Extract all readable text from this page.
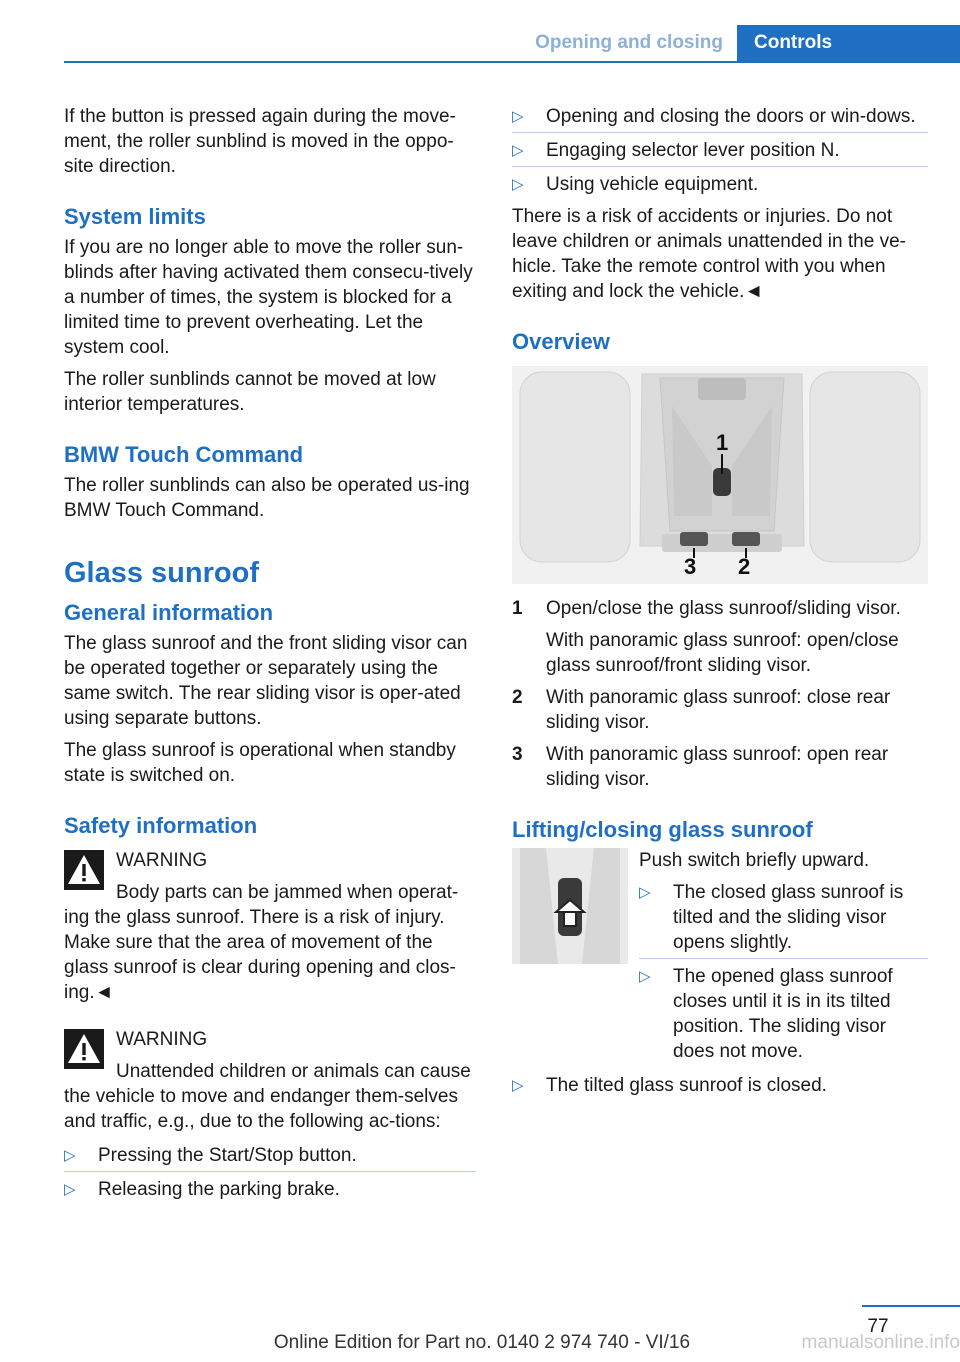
Opening and closing	Controls

If the button is pressed again during the move-ment, the roller sunblind is moved in the oppo-site direction.

System limits

If you are no longer able to move the roller sun-blinds after having activated them consecu-tively a number of times, the system is blocked for a limited time to prevent overheating. Let the system cool.

The roller sunblinds cannot be moved at low interior temperatures.

BMW Touch Command

The roller sunblinds can also be operated us-ing BMW Touch Command.

Glass sunroof
General information

The glass sunroof and the front sliding visor can be operated together or separately using the same switch. The rear sliding visor is oper-ated using separate buttons.

The glass sunroof is operational when standby state is switched on.

Safety information
WARNING
Body parts can be jammed when operat-ing the glass sunroof. There is a risk of injury. Make sure that the area of movement of the glass sunroof is clear during opening and clos-ing.◄
WARNING
Unattended children or animals can cause the vehicle to move and endanger them-selves and traffic, e.g., due to the following ac-tions:
▷ Pressing the Start/Stop button.
▷ Releasing the parking brake.
▷ Opening and closing the doors or win-dows.
▷ Engaging selector lever position N.
▷ Using vehicle equipment.

There is a risk of accidents or injuries. Do not leave children or animals unattended in the ve-hicle. Take the remote control with you when exiting and lock the vehicle.◄

Overview
1
3 2
1 Open/close the glass sunroof/sliding visor.
With panoramic glass sunroof: open/close glass sunroof/front sliding visor.
2 With panoramic glass sunroof: close rear sliding visor.
3 With panoramic glass sunroof: open rear sliding visor.
Lifting/closing glass sunroof

Push switch briefly upward.

▷ The closed glass sunroof is tilted and the sliding visor opens slightly.
▷ The opened glass sunroof closes until it is in its tilted position. The sliding visor does not move.
▷ The tilted glass sunroof is closed.
77
Online Edition for Part no. 0140 2 974 740 - VI/16	manualsonline.info
